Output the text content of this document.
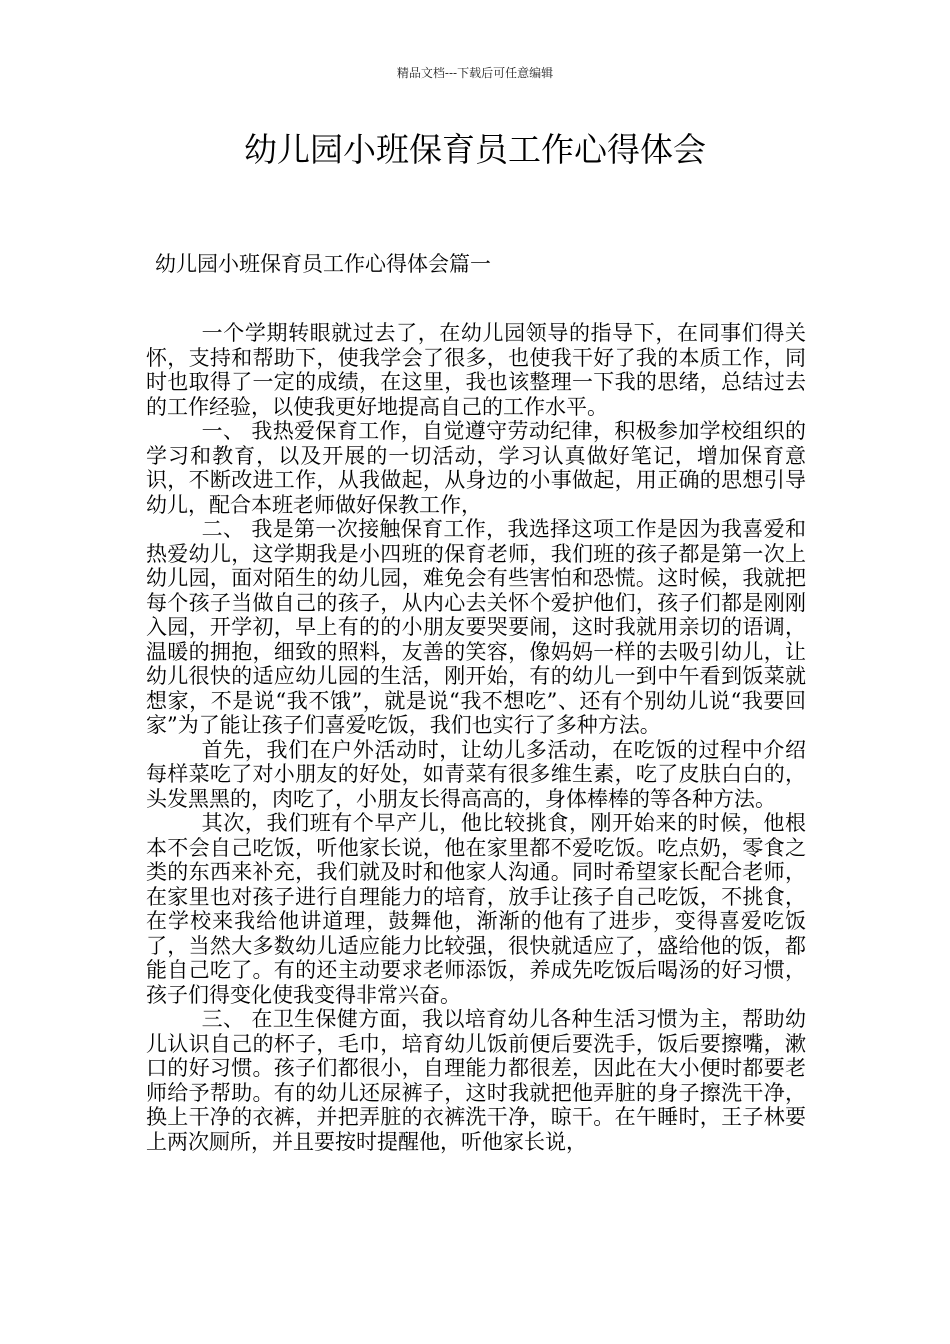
精品文档---下载后可任意编辑
幼儿园小班保育员工作心得体会
幼儿园小班保育员工作心得体会篇一

一个学期转眼就过去了，在幼儿园领导的指导下，在同事们得关怀，支持和帮助下，使我学会了很多，也使我干好了我的本质工作，同时也取得了一定的成绩，在这里，我也该整理一下我的思绪，总结过去的工作经验，以使我更好地提高自己的工作水平。

一、 我热爱保育工作，自觉遵守劳动纪律，积极参加学校组织的学习和教育，以及开展的一切活动，学习认真做好笔记，增加保育意识，不断改进工作，从我做起，从身边的小事做起，用正确的思想引导幼儿，配合本班老师做好保教工作，

二、 我是第一次接触保育工作，我选择这项工作是因为我喜爱和热爱幼儿，这学期我是小四班的保育老师，我们班的孩子都是第一次上幼儿园，面对陌生的幼儿园，难免会有些害怕和恐慌。这时候，我就把每个孩子当做自己的孩子，从内心去关怀个爱护他们，孩子们都是刚刚入园，开学初，早上有的的小朋友要哭要闹，这时我就用亲切的语调，温暖的拥抱，细致的照料，友善的笑容，像妈妈一样的去吸引幼儿，让幼儿很快的适应幼儿园的生活，刚开始，有的幼儿一到中午看到饭菜就想家，不是说“我不饿”，就是说“我不想吃”、还有个别幼儿说“我要回家”为了能让孩子们喜爱吃饭，我们也实行了多种方法。

首先，我们在户外活动时，让幼儿多活动，在吃饭的过程中介绍每样菜吃了对小朋友的好处，如青菜有很多维生素，吃了皮肤白白的，头发黑黑的，肉吃了，小朋友长得高高的，身体棒棒的等各种方法。

其次，我们班有个早产儿，他比较挑食，刚开始来的时候，他根本不会自己吃饭，听他家长说，他在家里都不爱吃饭。吃点奶，零食之类的东西来补充，我们就及时和他家人沟通。同时希望家长配合老师，在家里也对孩子进行自理能力的培育，放手让孩子自己吃饭，不挑食，在学校来我给他讲道理，鼓舞他，渐渐的他有了进步，变得喜爱吃饭了，当然大多数幼儿适应能力比较强，很快就适应了，盛给他的饭，都能自己吃了。有的还主动要求老师添饭，养成先吃饭后喝汤的好习惯，孩子们得变化使我变得非常兴奋。

三、 在卫生保健方面，我以培育幼儿各种生活习惯为主，帮助幼儿认识自己的杯子，毛巾，培育幼儿饭前便后要洗手，饭后要擦嘴，漱口的好习惯。孩子们都很小，自理能力都很差，因此在大小便时都要老师给予帮助。有的幼儿还尿裤子，这时我就把他弄脏的身子擦洗干净，换上干净的衣裤，并把弄脏的衣裤洗干净，晾干。在午睡时，王子林要上两次厕所，并且要按时提醒他，听他家长说，
